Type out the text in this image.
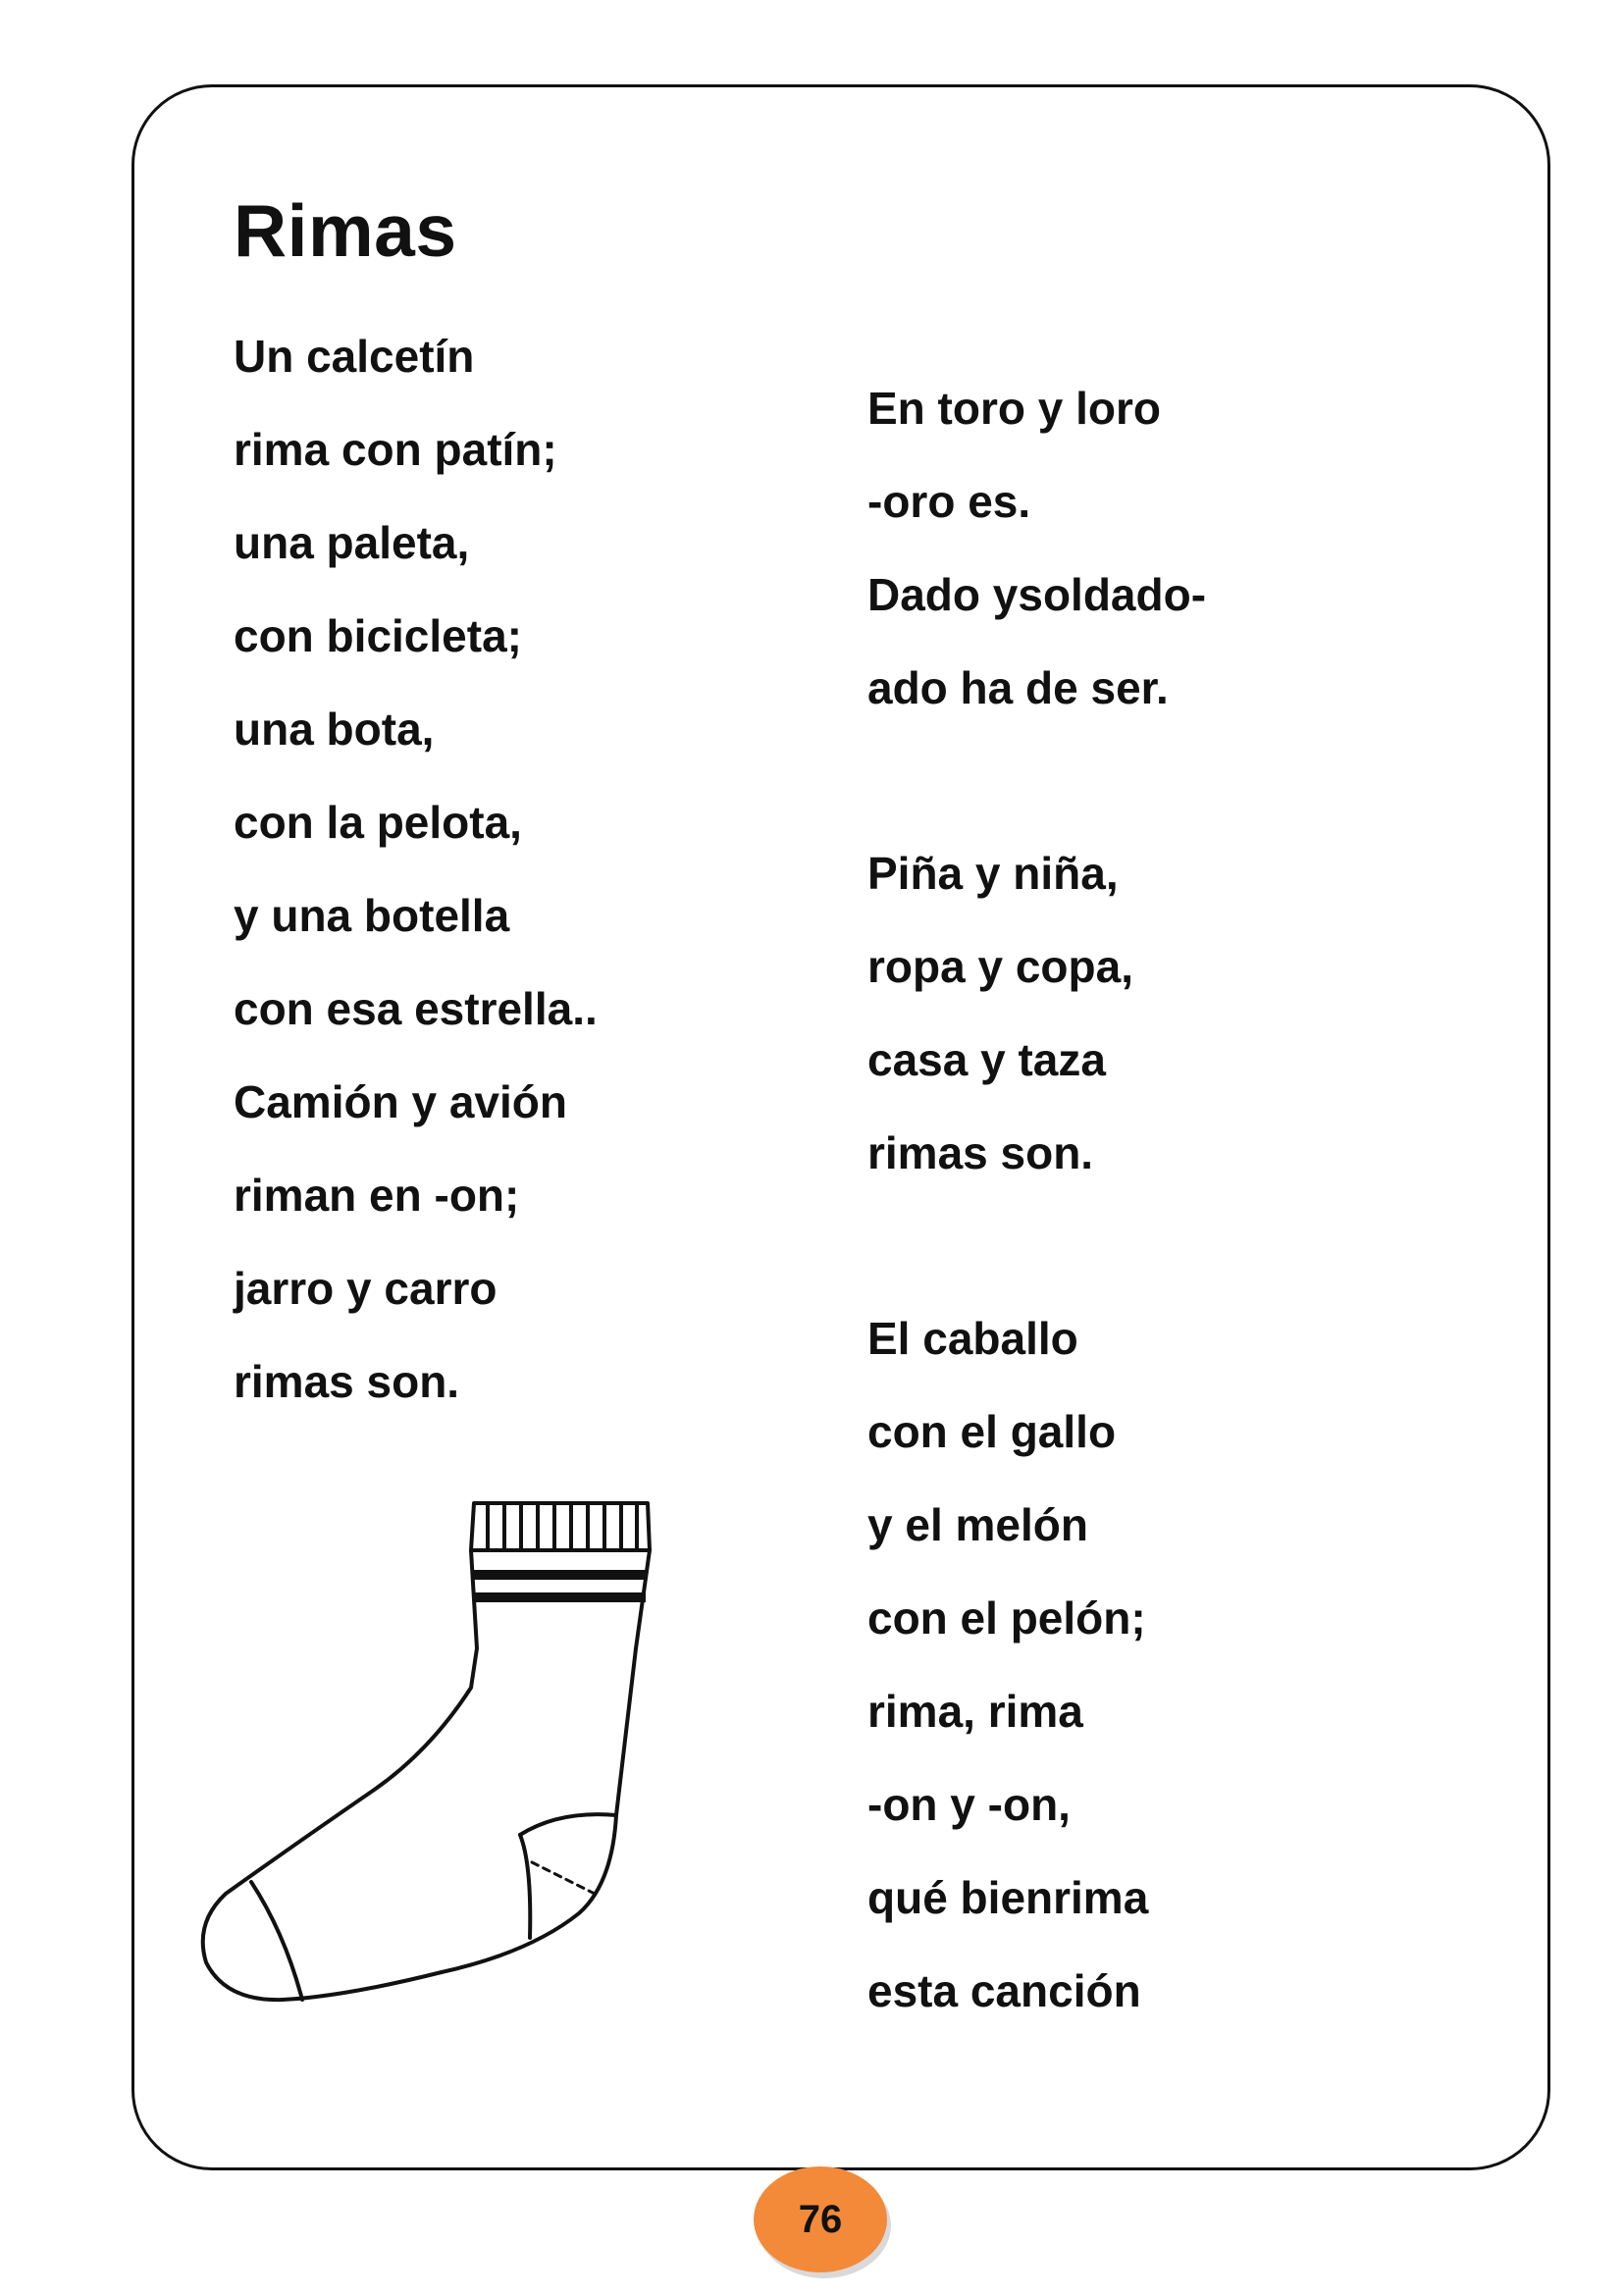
Rimas
Un calcetín
rima con patín;
una paleta,
con bicicleta;
una bota,
con la pelota,
y una botella
con esa estrella..
Camión y avión
riman en -on;
jarro y carro
rimas son.
En toro y loro
-oro es.
Dado ysoldado-
ado ha de ser.
Piña y niña,
ropa y copa,
casa y taza
rimas son.
El caballo
con el gallo
y el melón
con el pelón;
rima, rima
-on y -on,
qué bienrima
esta canción
76
